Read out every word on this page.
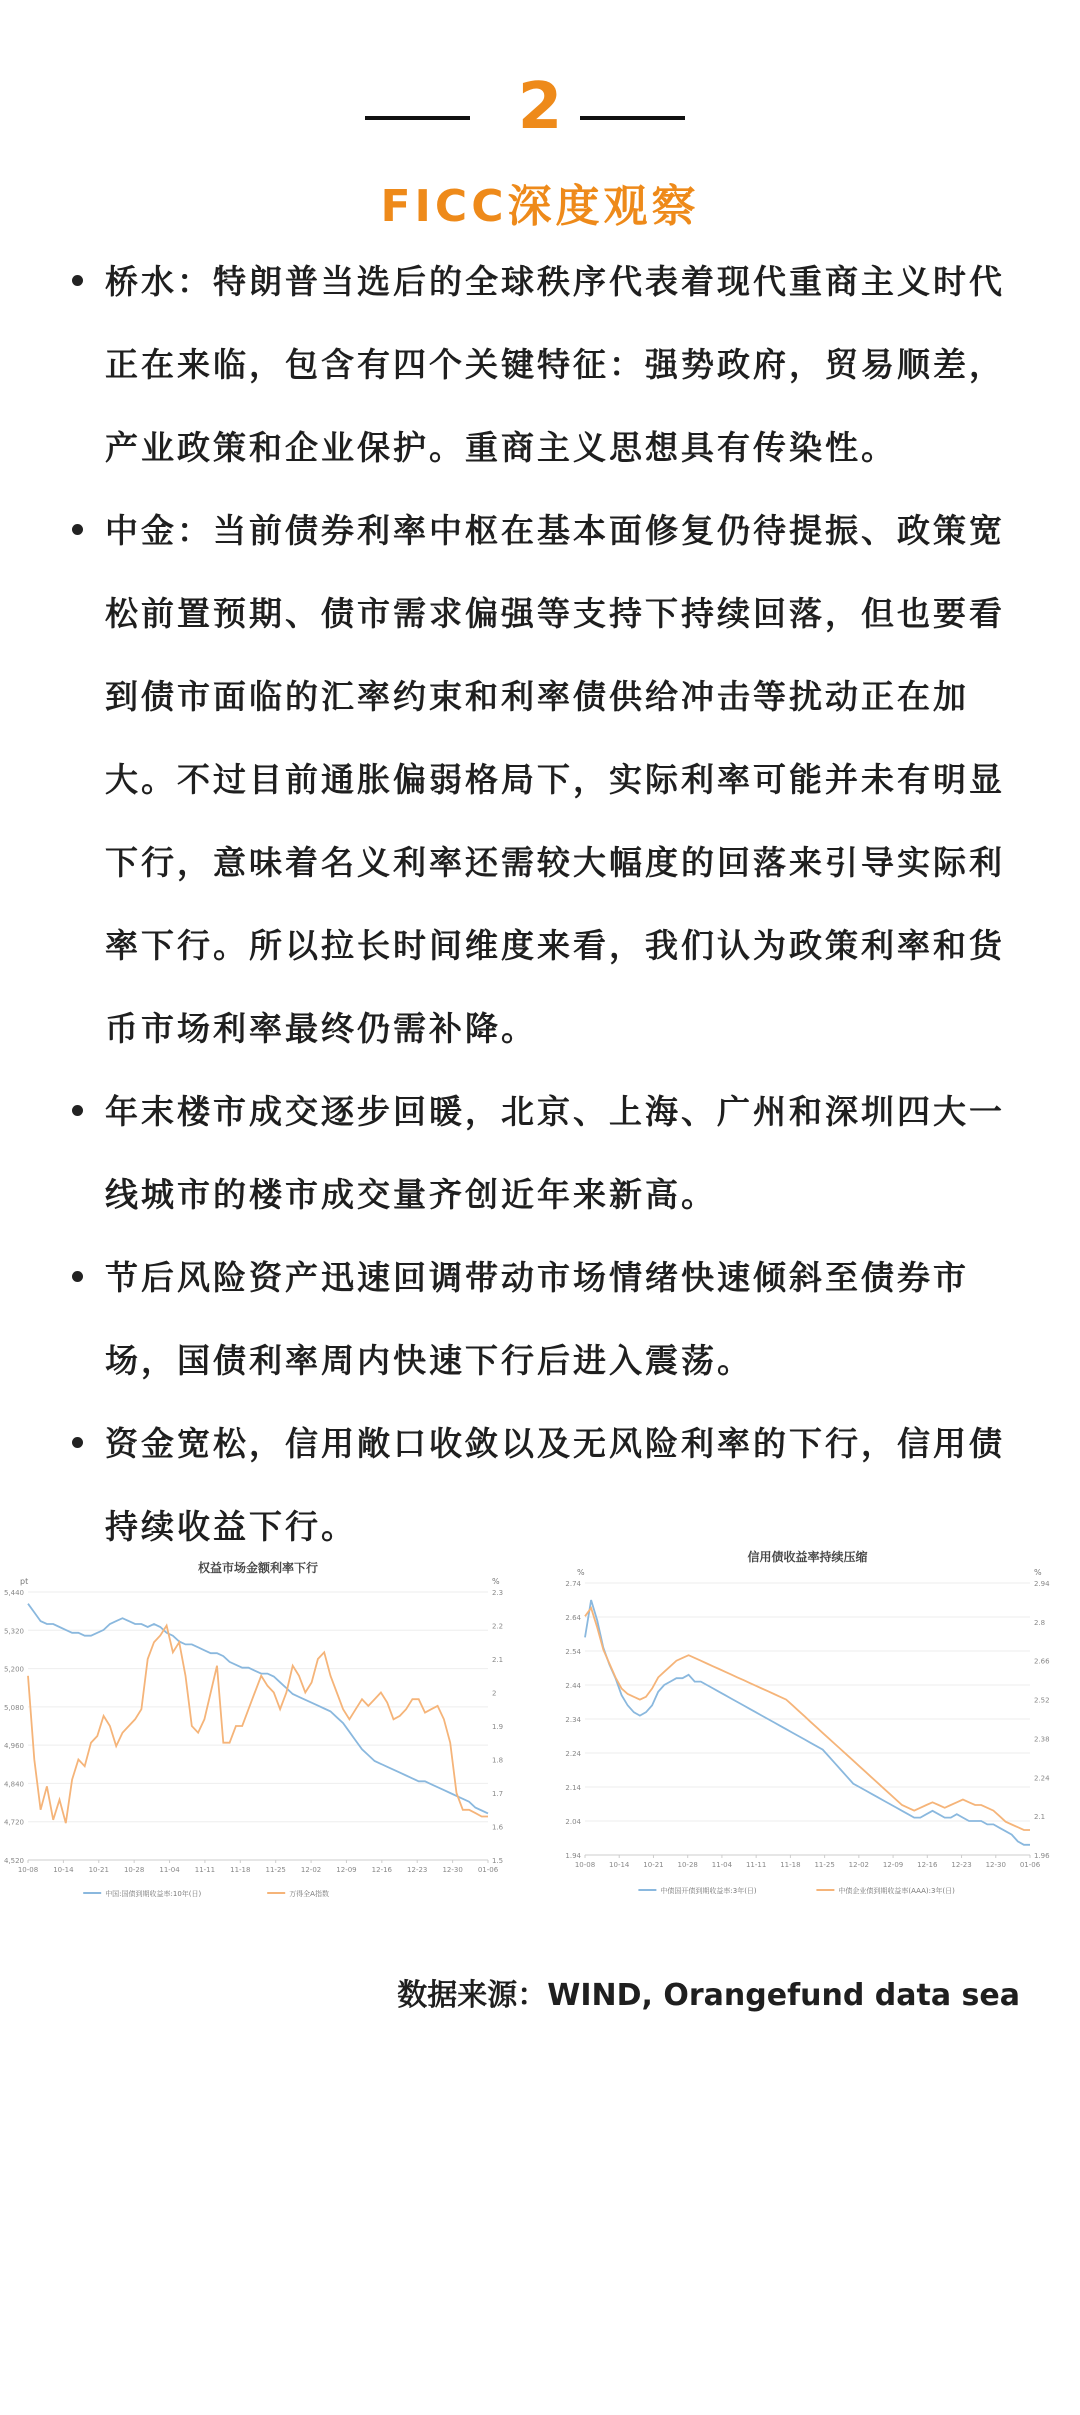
2
FICC深度观察
桥水：特朗普当选后的全球秩序代表着现代重商主义时代正在来临，包含有四个关键特征：强势政府，贸易顺差，产业政策和企业保护。重商主义思想具有传染性。
中金：当前债券利率中枢在基本面修复仍待提振、政策宽松前置预期、债市需求偏强等支持下持续回落，但也要看到债市面临的汇率约束和利率债供给冲击等扰动正在加大。不过目前通胀偏弱格局下，实际利率可能并未有明显下行，意味着名义利率还需较大幅度的回落来引导实际利率下行。所以拉长时间维度来看，我们认为政策利率和货币市场利率最终仍需补降。
年末楼市成交逐步回暖，北京、上海、广州和深圳四大一线城市的楼市成交量齐创近年来新高。
节后风险资产迅速回调带动市场情绪快速倾斜至债券市场，国债利率周内快速下行后进入震荡。
资金宽松，信用敞口收敛以及无风险利率的下行，信用债持续收益下行。
权益市场金额利率下行
pt	%
4,520
4,720
4,840
4,960
5,080
5,200
5,320
5,440
1.5
1.6
1.7
1.8
1.9
2
2.1
2.2
2.3
10-08 10-14 10-21 10-28 11-04 11-11 11-18 11-25 12-02 12-09 12-16 12-23 12-30 01-06
中国:国债到期收益率:10年(日)	万得全A指数
信用债收益率持续压缩
%	%
1.94
2.04
2.14
2.24
2.34
2.44
2.54
2.64
2.74
1.96
2.1
2.24
2.38
2.52
2.66
2.8
2.94
10-08 10-14 10-21 10-28 11-04 11-11 11-18 11-25 12-02 12-09 12-16 12-23 12-30 01-06
中债国开债到期收益率:3年(日)	中债企业债到期收益率(AAA):3年(日)
数据来源：WIND, Orangefund data sea
